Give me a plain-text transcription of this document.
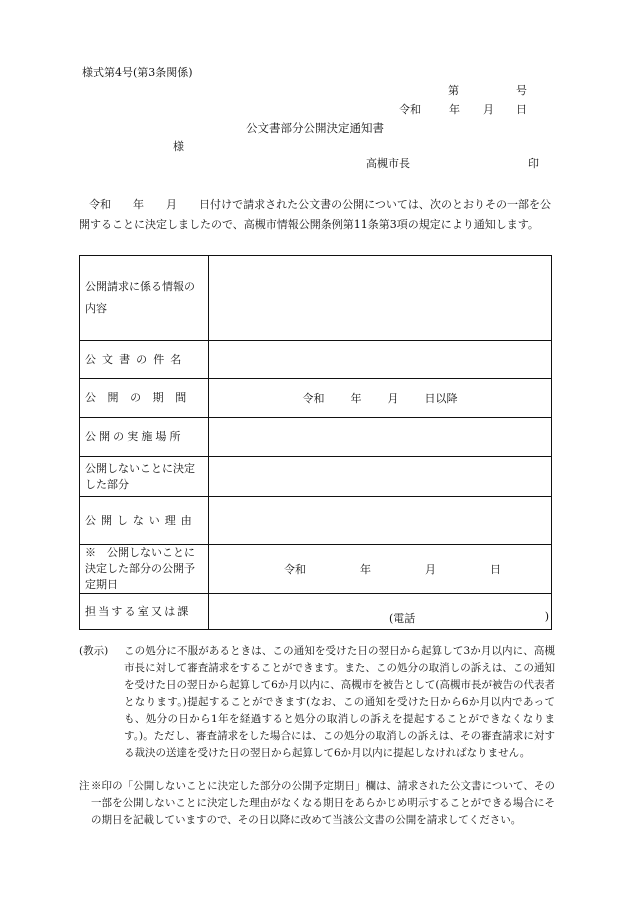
様式第4号(第3条関係)
第	号
令和	年 月 日
公文書部分公開決定通知書
様
高槻市長	印
令和　　年　　月　　日付けで請求された公文書の公開については、次のとおりその一部を公開することに決定しましたので、高槻市情報公開条例第11条第3項の規定により通知します。
公開請求に係る情報の内容	
公文書の件名	
公開の期間	令和 年 月 日以降
公開の実施場所	
公開しないことに決定した部分	
公開しない理由	
※　公開しないことに決定した部分の公開予定期日	令和 年 月 日
担当する室又は課	(電話 )
(教示) この処分に不服があるときは、この通知を受けた日の翌日から起算して3か月以内に、高槻市長に対して審査請求をすることができます。また、この処分の取消しの訴えは、この通知を受けた日の翌日から起算して6か月以内に、高槻市を被告として(高槻市長が被告の代表者となります。)提起することができます(なお、この通知を受けた日から6か月以内であっても、処分の日から1年を経過すると処分の取消しの訴えを提起することができなくなります。)。ただし、審査請求をした場合には、この処分の取消しの訴えは、その審査請求に対する裁決の送達を受けた日の翌日から起算して6か月以内に提起しなければなりません。
注 ※印の「公開しないことに決定した部分の公開予定期日」欄は、請求された公文書について、その一部を公開しないことに決定した理由がなくなる期日をあらかじめ明示することができる場合にその期日を記載していますので、その日以降に改めて当該公文書の公開を請求してください。
